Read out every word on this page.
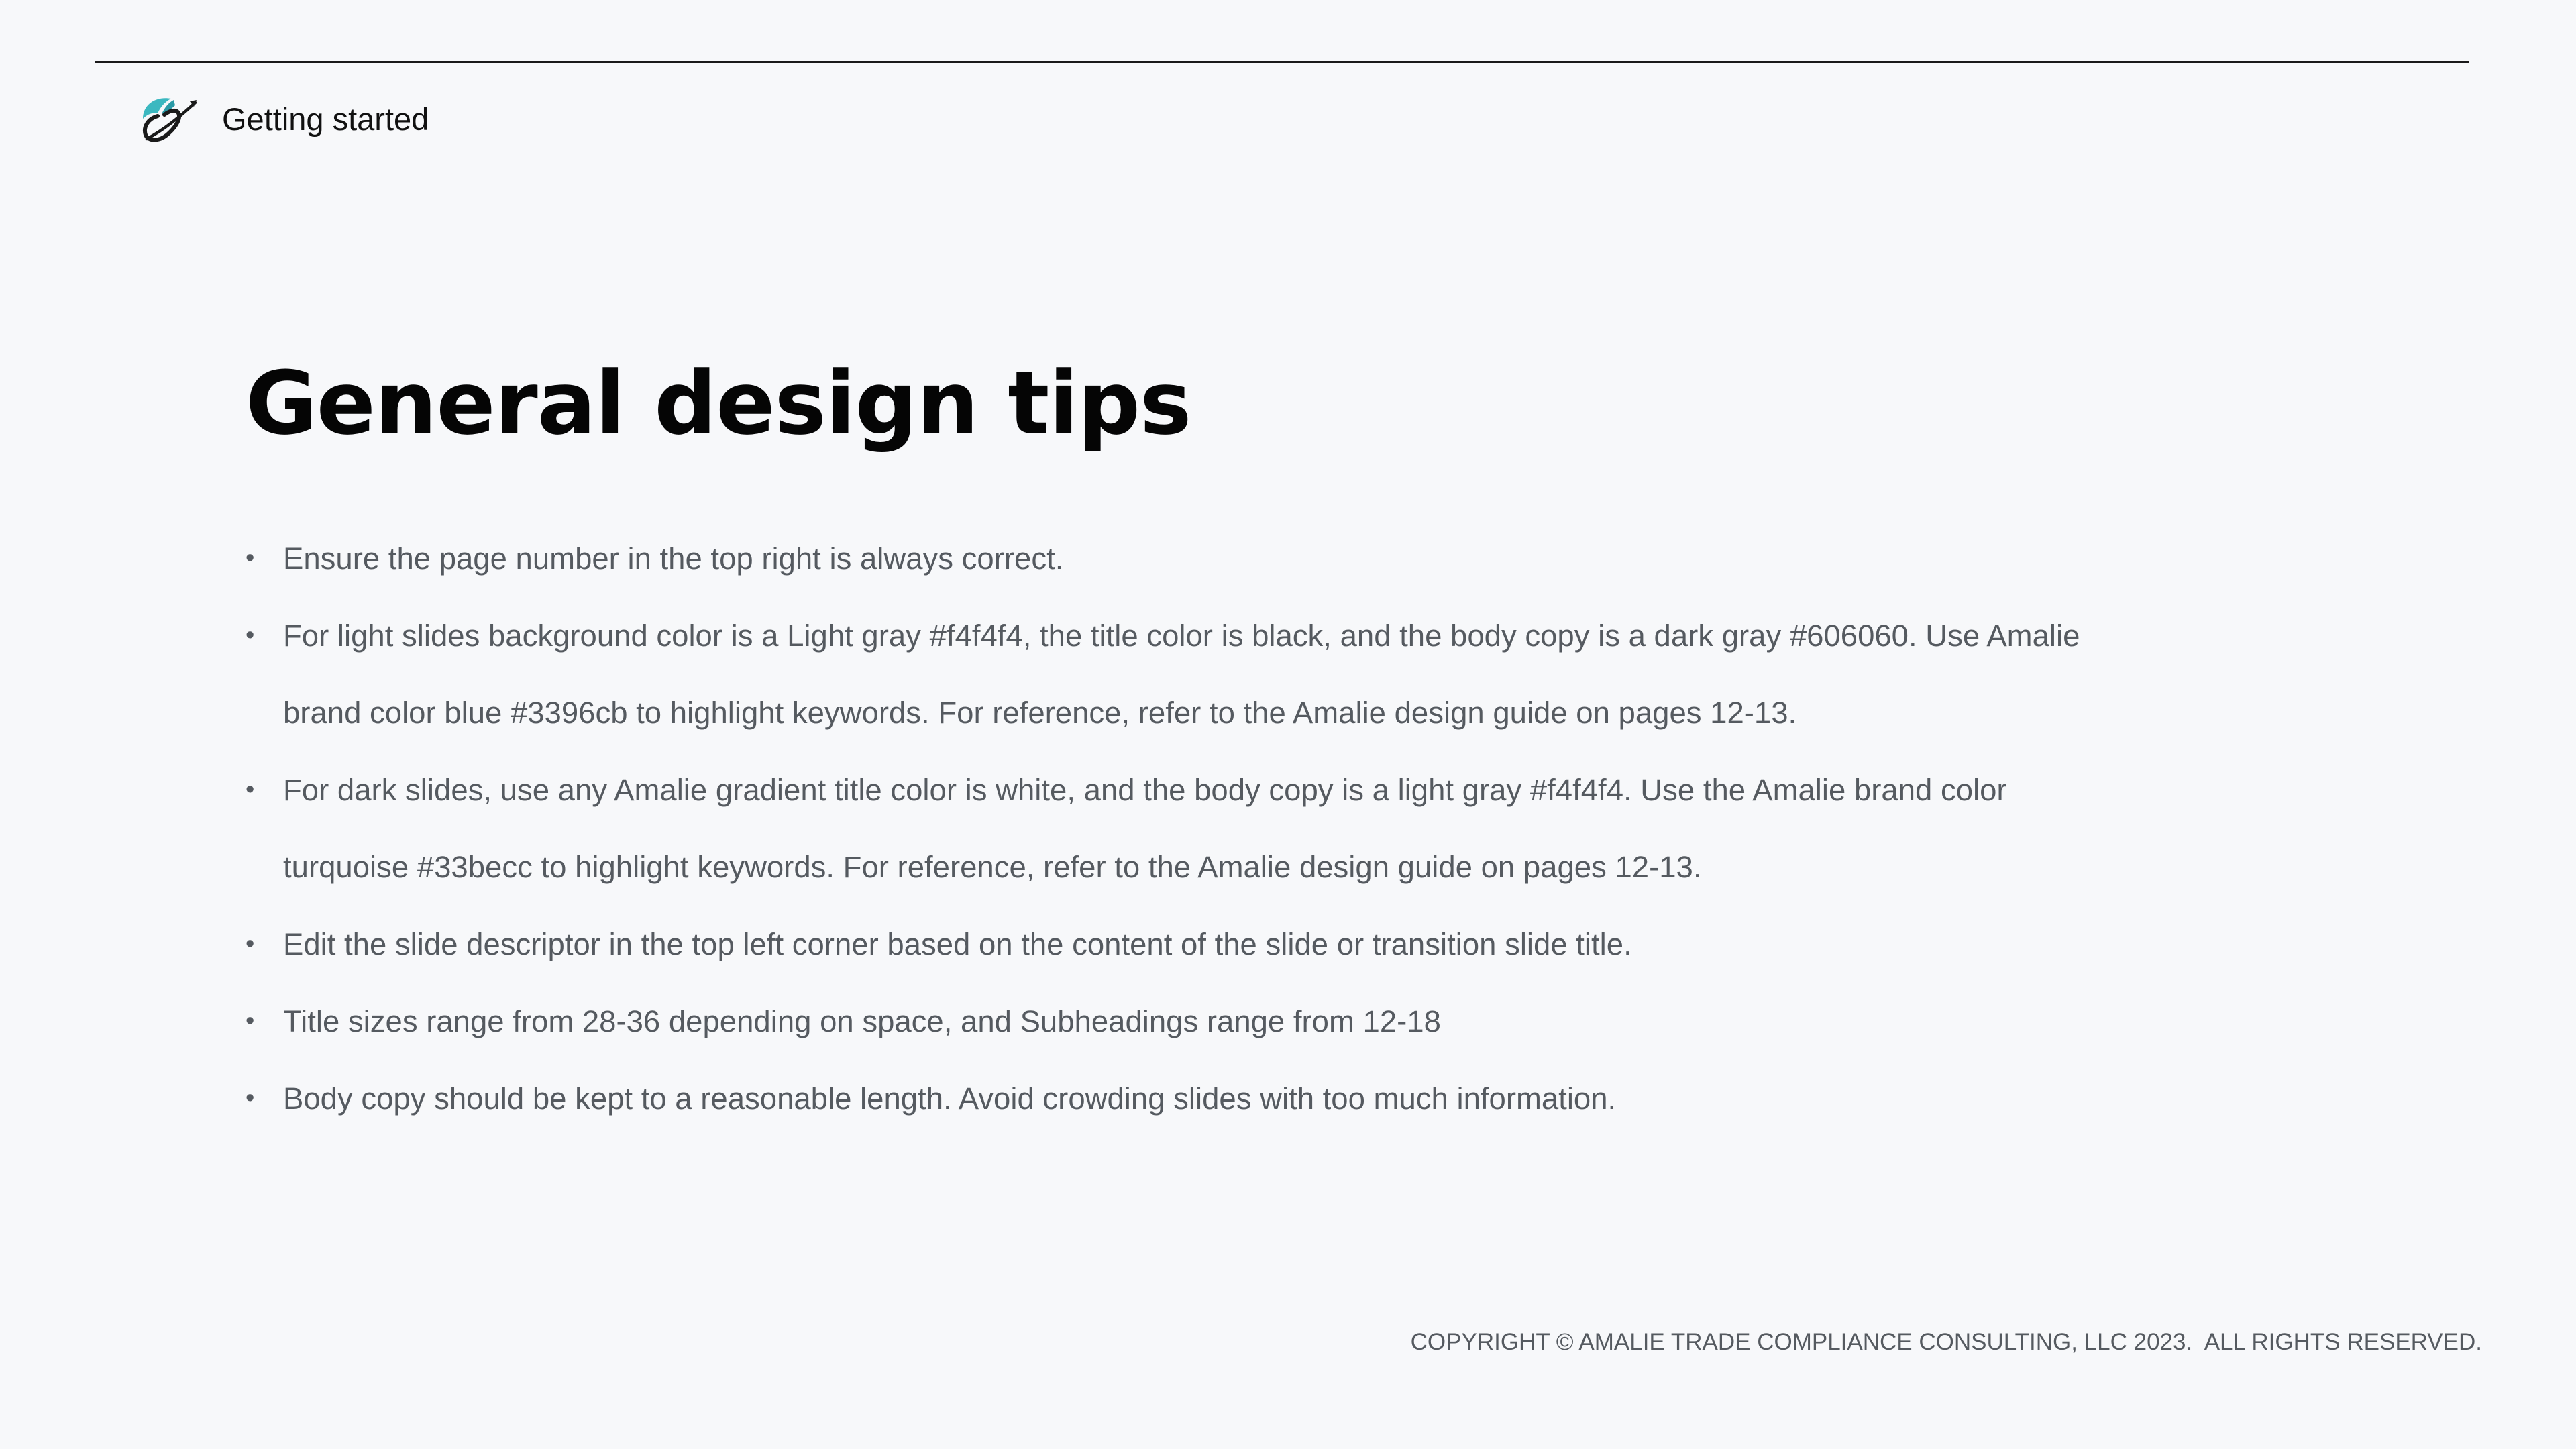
Getting started
General design tips
• Ensure the page number in the top right is always correct.
• For light slides background color is a Light gray #f4f4f4, the title color is black, and the body copy is a dark gray #606060. Use Amalie brand color blue #3396cb to highlight keywords. For reference, refer to the Amalie design guide on pages 12-13.
• For dark slides, use any Amalie gradient title color is white, and the body copy is a light gray #f4f4f4. Use the Amalie brand color turquoise #33becc to highlight keywords. For reference, refer to the Amalie design guide on pages 12-13.
• Edit the slide descriptor in the top left corner based on the content of the slide or transition slide title.
• Title sizes range from 28-36 depending on space, and Subheadings range from 12-18
• Body copy should be kept to a reasonable length. Avoid crowding slides with too much information.
COPYRIGHT © AMALIE TRADE COMPLIANCE CONSULTING, LLC 2023.  ALL RIGHTS RESERVED.
